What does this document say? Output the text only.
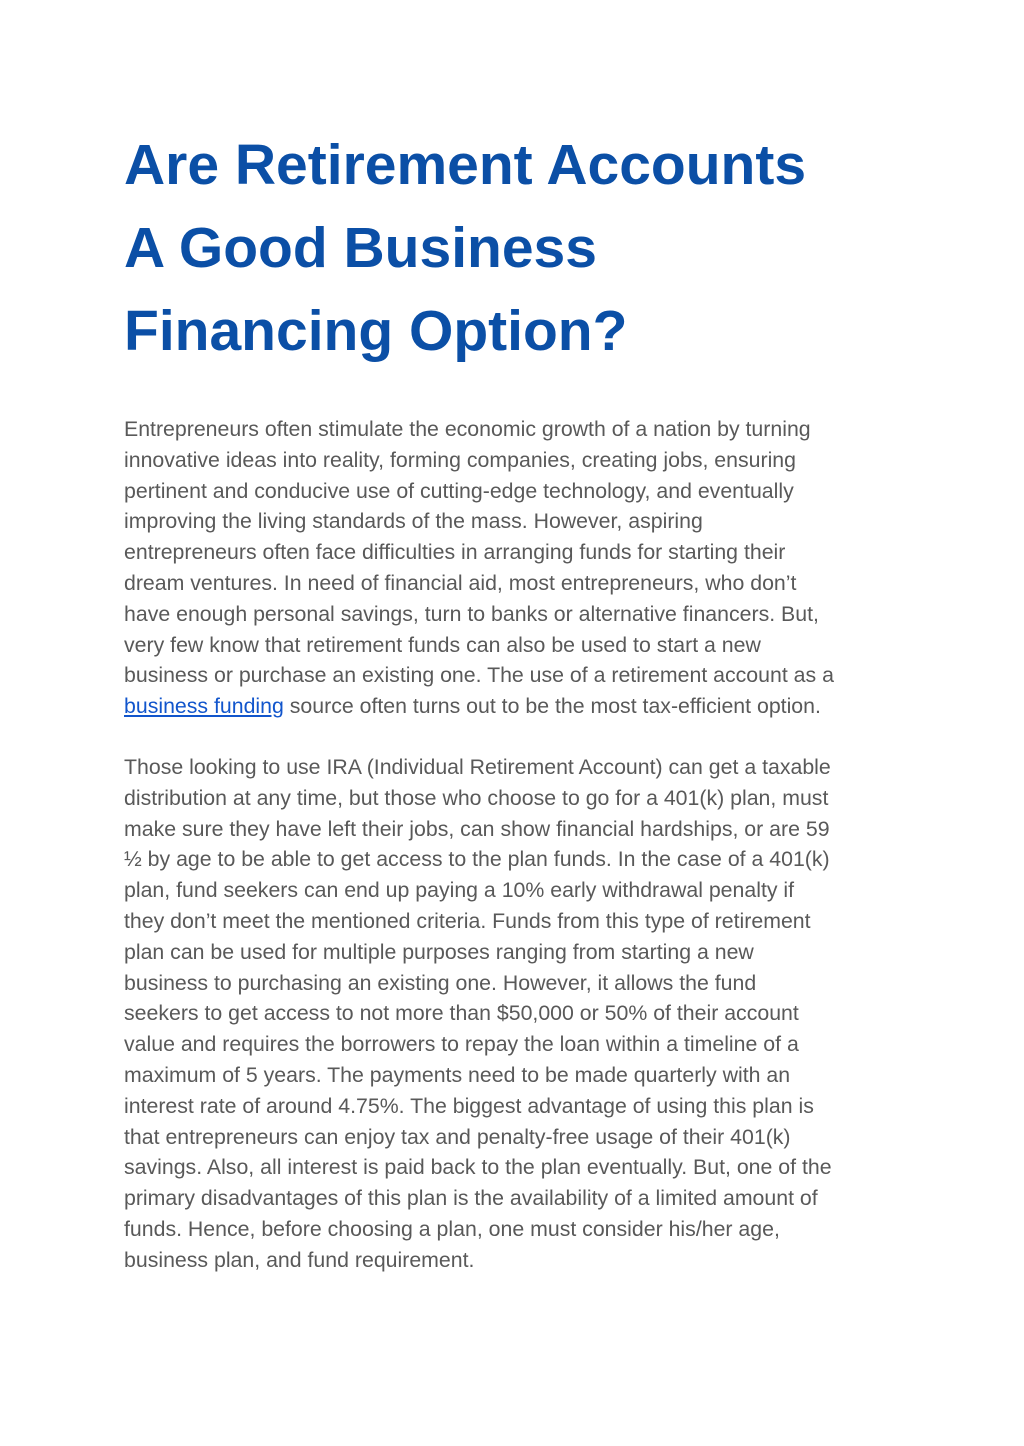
Are Retirement Accounts
A Good Business
Financing Option?

Entrepreneurs often stimulate the economic growth of a nation by turning
innovative ideas into reality, forming companies, creating jobs, ensuring
pertinent and conducive use of cutting-edge technology, and eventually
improving the living standards of the mass. However, aspiring
entrepreneurs often face difficulties in arranging funds for starting their
dream ventures. In need of financial aid, most entrepreneurs, who don’t
have enough personal savings, turn to banks or alternative financers. But,
very few know that retirement funds can also be used to start a new
business or purchase an existing one. The use of a retirement account as a
business funding source often turns out to be the most tax-efficient option.

Those looking to use IRA (Individual Retirement Account) can get a taxable
distribution at any time, but those who choose to go for a 401(k) plan, must
make sure they have left their jobs, can show financial hardships, or are 59
½ by age to be able to get access to the plan funds. In the case of a 401(k)
plan, fund seekers can end up paying a 10% early withdrawal penalty if
they don’t meet the mentioned criteria. Funds from this type of retirement
plan can be used for multiple purposes ranging from starting a new
business to purchasing an existing one. However, it allows the fund
seekers to get access to not more than $50,000 or 50% of their account
value and requires the borrowers to repay the loan within a timeline of a
maximum of 5 years. The payments need to be made quarterly with an
interest rate of around 4.75%. The biggest advantage of using this plan is
that entrepreneurs can enjoy tax and penalty-free usage of their 401(k)
savings. Also, all interest is paid back to the plan eventually. But, one of the
primary disadvantages of this plan is the availability of a limited amount of
funds. Hence, before choosing a plan, one must consider his/her age,
business plan, and fund requirement.
